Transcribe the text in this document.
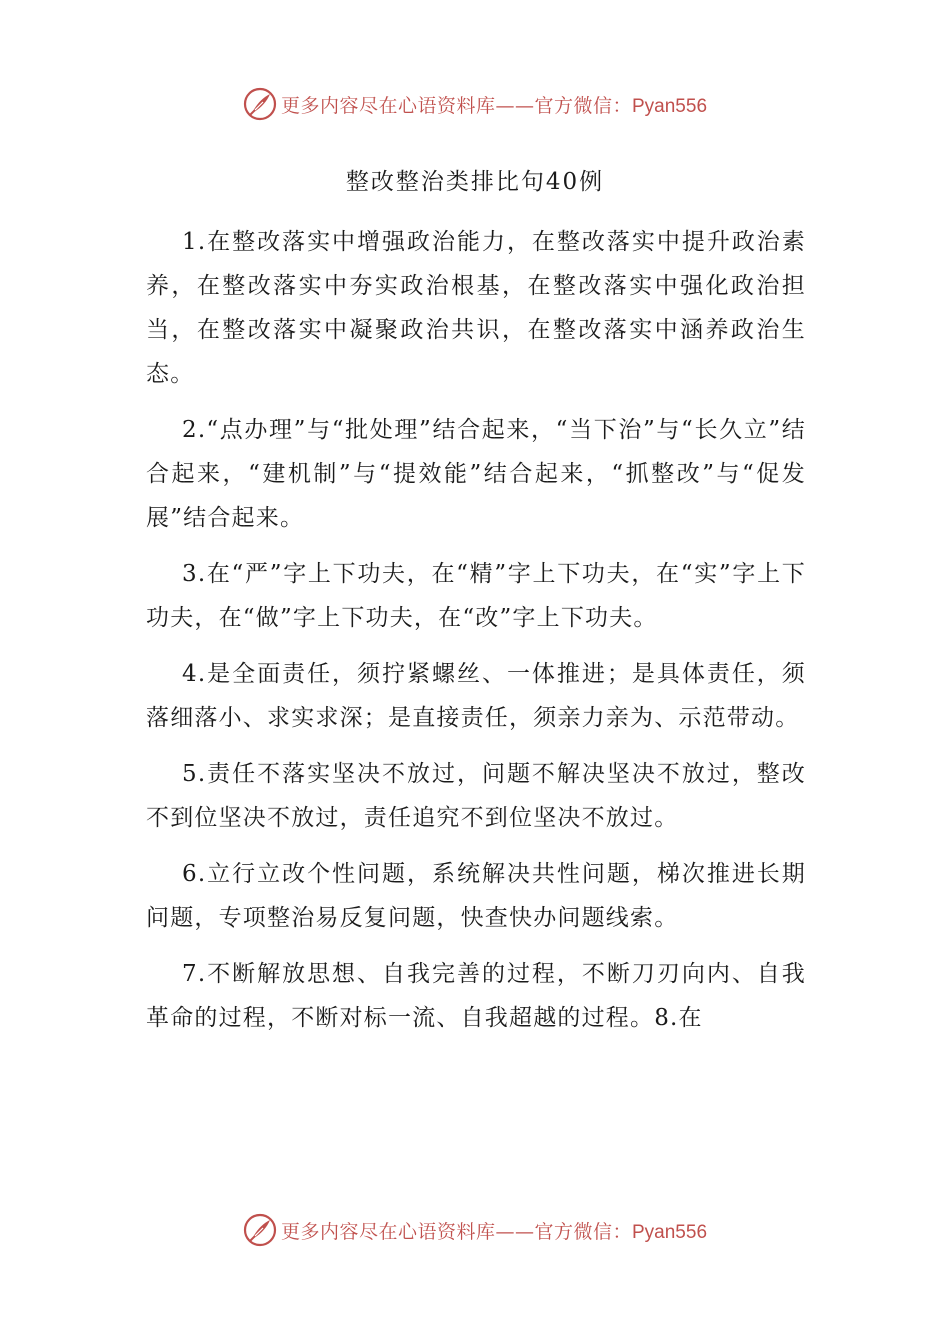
更多内容尽在心语资料库——官方微信：Pyan556
整改整治类排比句40例

1.在整改落实中增强政治能力，在整改落实中提升政治素养，在整改落实中夯实政治根基，在整改落实中强化政治担当，在整改落实中凝聚政治共识，在整改落实中涵养政治生态。

2.“点办理”与“批处理”结合起来，“当下治”与“长久立”结合起来，“建机制”与“提效能”结合起来，“抓整改”与“促发展”结合起来。

3.在“严”字上下功夫，在“精”字上下功夫，在“实”字上下功夫，在“做”字上下功夫，在“改”字上下功夫。

4.是全面责任，须拧紧螺丝、一体推进；是具体责任，须落细落小、求实求深；是直接责任，须亲力亲为、示范带动。

5.责任不落实坚决不放过，问题不解决坚决不放过，整改不到位坚决不放过，责任追究不到位坚决不放过。

6.立行立改个性问题，系统解决共性问题，梯次推进长期问题，专项整治易反复问题，快查快办问题线索。

7.不断解放思想、自我完善的过程，不断刀刃向内、自我革命的过程，不断对标一流、自我超越的过程。8.在

更多内容尽在心语资料库——官方微信：Pyan556
